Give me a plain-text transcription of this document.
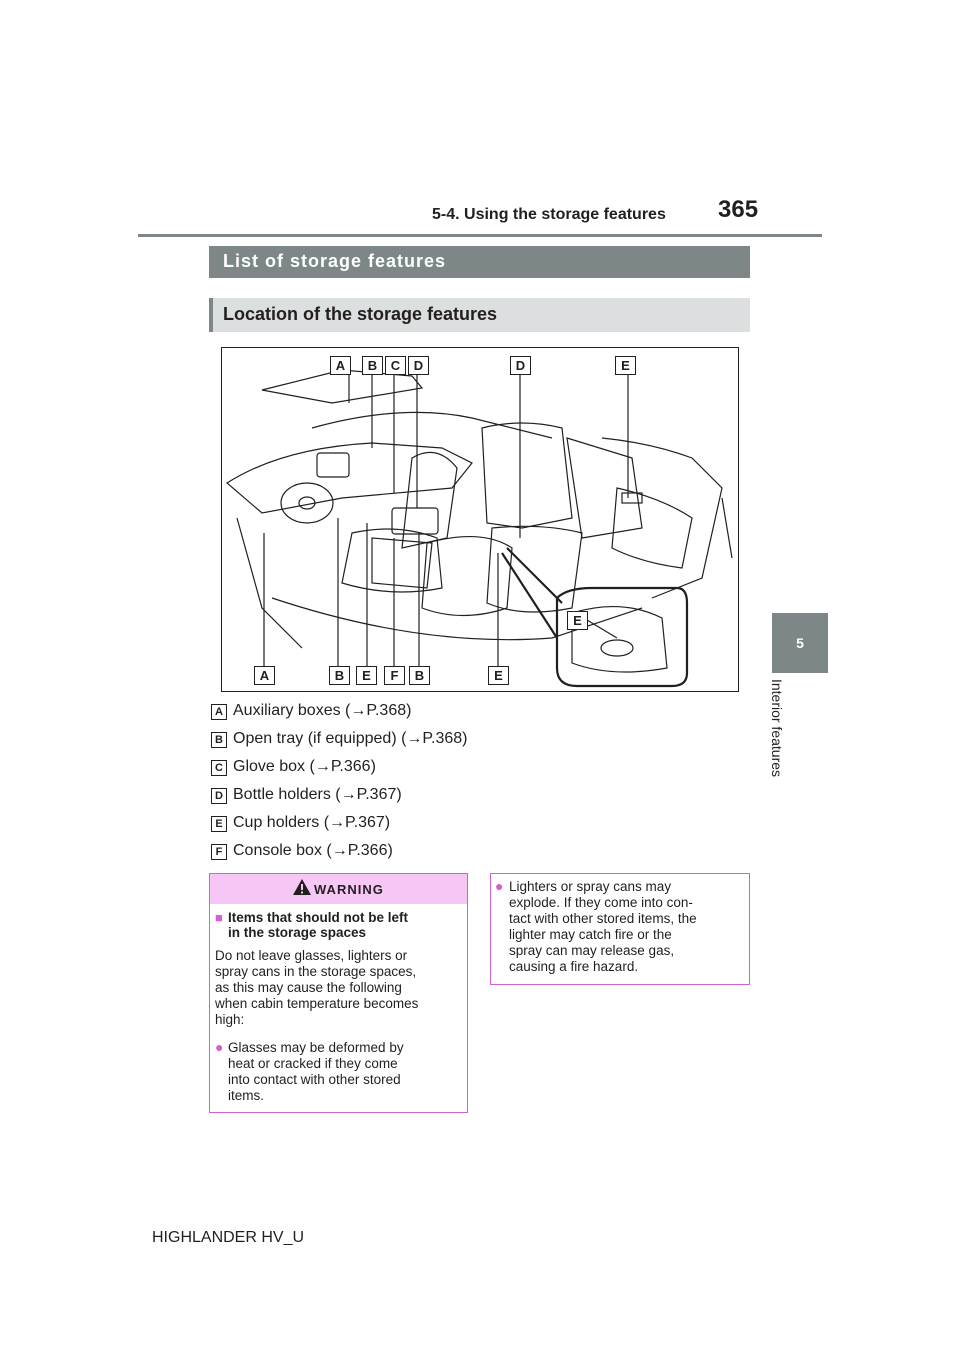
5-4. Using the storage features 365
5
Interior features
List of storage features
Location of the storage features
A	B	C	D	D	E
A	B	E	F	B	E
E
A Auxiliary boxes (→P.368)
B Open tray (if equipped) (→P.368)
C Glove box (→P.366)
D Bottle holders (→P.367)
E Cup holders (→P.367)
F Console box (→P.366)
WARNING
■ Items that should not be left
in the storage spaces
Do not leave glasses, lighters or
spray cans in the storage spaces,
as this may cause the following
when cabin temperature becomes
high:
● Glasses may be deformed by
heat or cracked if they come
into contact with other stored
items.
● Lighters or spray cans may
explode. If they come into con-
tact with other stored items, the
lighter may catch fire or the
spray can may release gas,
causing a fire hazard.
HIGHLANDER HV_U
